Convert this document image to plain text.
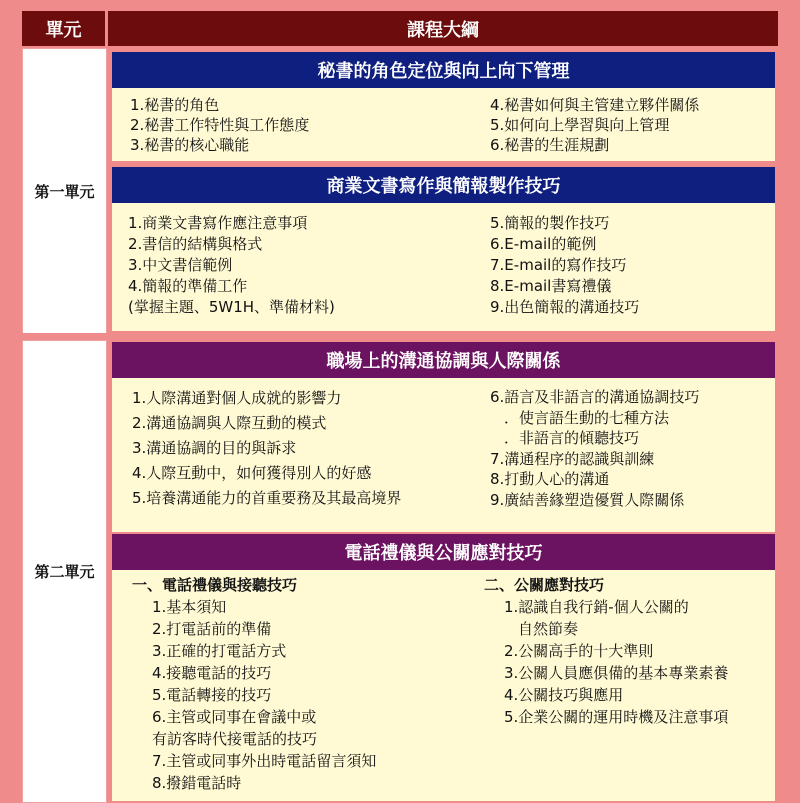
單元	課程大綱
第一單元
第二單元
秘書的角色定位與向上向下管理
1.秘書的角色
2.秘書工作特性與工作態度
3.秘書的核心職能
4.秘書如何與主管建立夥伴關係
5.如何向上學習與向上管理
6.秘書的生涯規劃
商業文書寫作與簡報製作技巧
1.商業文書寫作應注意事項
2.書信的結構與格式
3.中文書信範例
4.簡報的準備工作
(掌握主題、5W1H、準備材料)
5.簡報的製作技巧
6.E-mail的範例
7.E-mail的寫作技巧
8.E-mail書寫禮儀
9.出色簡報的溝通技巧
職場上的溝通協調與人際關係
1.人際溝通對個人成就的影響力
2.溝通協調與人際互動的模式
3.溝通協調的目的與訴求
4.人際互動中，如何獲得別人的好感
5.培養溝通能力的首重要務及其最高境界
6.語言及非語言的溝通協調技巧
．使言語生動的七種方法
．非語言的傾聽技巧
7.溝通程序的認識與訓練
8.打動人心的溝通
9.廣結善緣塑造優質人際關係
電話禮儀與公關應對技巧
一、電話禮儀與接聽技巧
1.基本須知
2.打電話前的準備
3.正確的打電話方式
4.接聽電話的技巧
5.電話轉接的技巧
6.主管或同事在會議中或
有訪客時代接電話的技巧
7.主管或同事外出時電話留言須知
8.撥錯電話時
二、公關應對技巧
1.認識自我行銷-個人公關的
自然節奏
2.公關高手的十大準則
3.公關人員應俱備的基本專業素養
4.公關技巧與應用
5.企業公關的運用時機及注意事項
